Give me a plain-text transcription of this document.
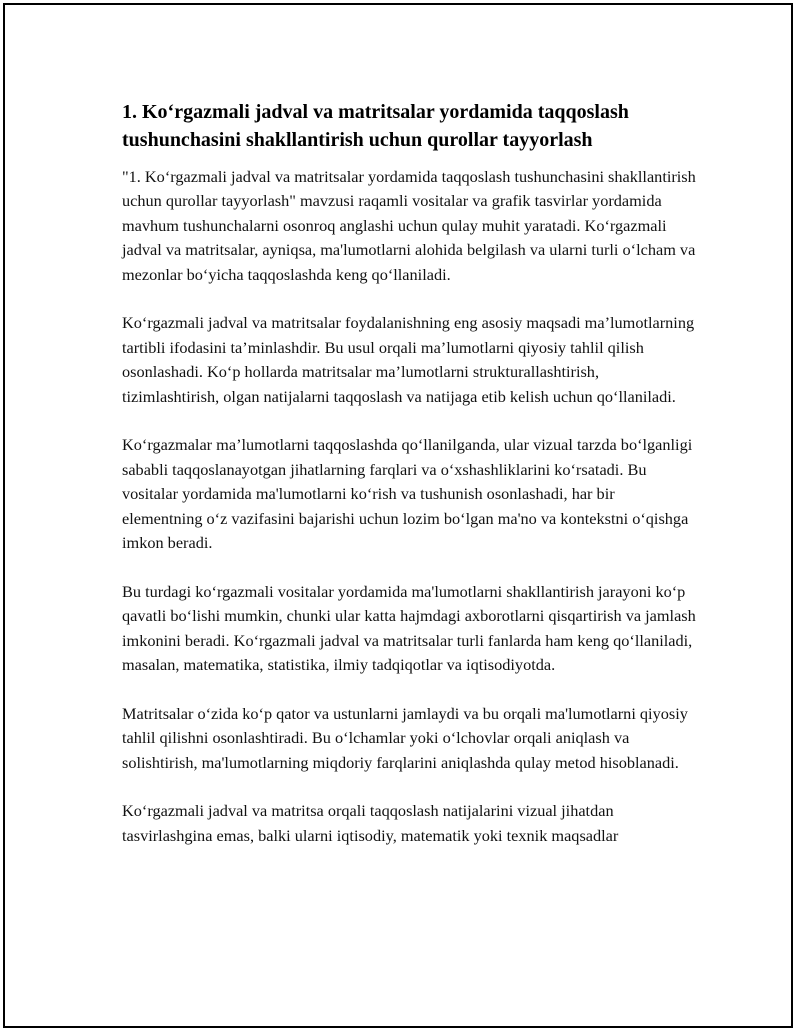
1. Ko‘rgazmali jadval va matritsalar yordamida taqqoslash tushunchasini shakllantirish uchun qurollar tayyorlash

"1. Ko‘rgazmali jadval va matritsalar yordamida taqqoslash tushunchasini shakllantirish uchun qurollar tayyorlash" mavzusi raqamli vositalar va grafik tasvirlar yordamida mavhum tushunchalarni osonroq anglashi uchun qulay muhit yaratadi. Ko‘rgazmali jadval va matritsalar, ayniqsa, ma'lumotlarni alohida belgilash va ularni turli o‘lcham va mezonlar bo‘yicha taqqoslashda keng qo‘llaniladi.

Ko‘rgazmali jadval va matritsalar foydalanishning eng asosiy maqsadi ma’lumotlarning tartibli ifodasini ta’minlashdir. Bu usul orqali ma’lumotlarni qiyosiy tahlil qilish osonlashadi. Ko‘p hollarda matritsalar ma’lumotlarni strukturallashtirish, tizimlashtirish, olgan natijalarni taqqoslash va natijaga etib kelish uchun qo‘llaniladi.

Ko‘rgazmalar ma’lumotlarni taqqoslashda qo‘llanilganda, ular vizual tarzda bo‘lganligi sababli taqqoslanayotgan jihatlarning farqlari va o‘xshashliklarini ko‘rsatadi. Bu vositalar yordamida ma'lumotlarni ko‘rish va tushunish osonlashadi, har bir elementning o‘z vazifasini bajarishi uchun lozim bo‘lgan ma'no va kontekstni o‘qishga imkon beradi.

Bu turdagi ko‘rgazmali vositalar yordamida ma'lumotlarni shakllantirish jarayoni ko‘p qavatli bo‘lishi mumkin, chunki ular katta hajmdagi axborotlarni qisqartirish va jamlash imkonini beradi. Ko‘rgazmali jadval va matritsalar turli fanlarda ham keng qo‘llaniladi, masalan, matematika, statistika, ilmiy tadqiqotlar va iqtisodiyotda.

Matritsalar o‘zida ko‘p qator va ustunlarni jamlaydi va bu orqali ma'lumotlarni qiyosiy tahlil qilishni osonlashtiradi. Bu o‘lchamlar yoki o‘lchovlar orqali aniqlash va solishtirish, ma'lumotlarning miqdoriy farqlarini aniqlashda qulay metod hisoblanadi.

Ko‘rgazmali jadval va matritsa orqali taqqoslash natijalarini vizual jihatdan tasvirlashgina emas, balki ularni iqtisodiy, matematik yoki texnik maqsadlar
